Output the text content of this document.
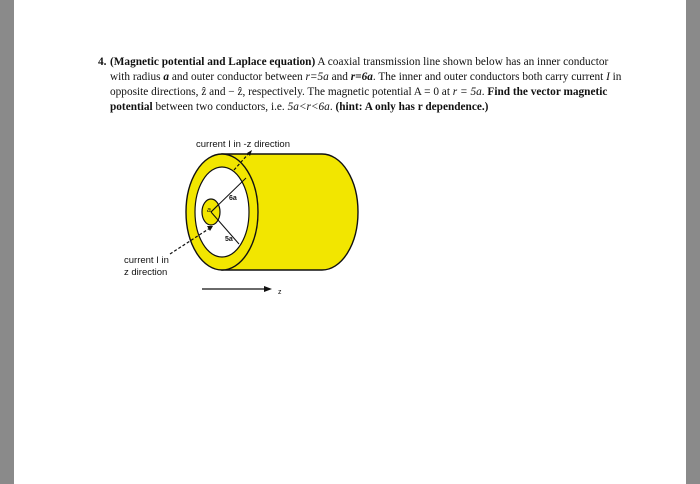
4. (Magnetic potential and Laplace equation) A coaxial transmission line shown below has an inner conductor with radius a and outer conductor between r=5a and r=6a. The inner and outer conductors both carry current I in opposite directions, ẑ and − ẑ, respectively. The magnetic potential A = 0 at r = 5a. Find the vector magnetic potential between two conductors, i.e. 5a<r<6a. (hint: A only has r dependence.)
current I in -z direction
current I in
z direction
6a
5a
a
z
